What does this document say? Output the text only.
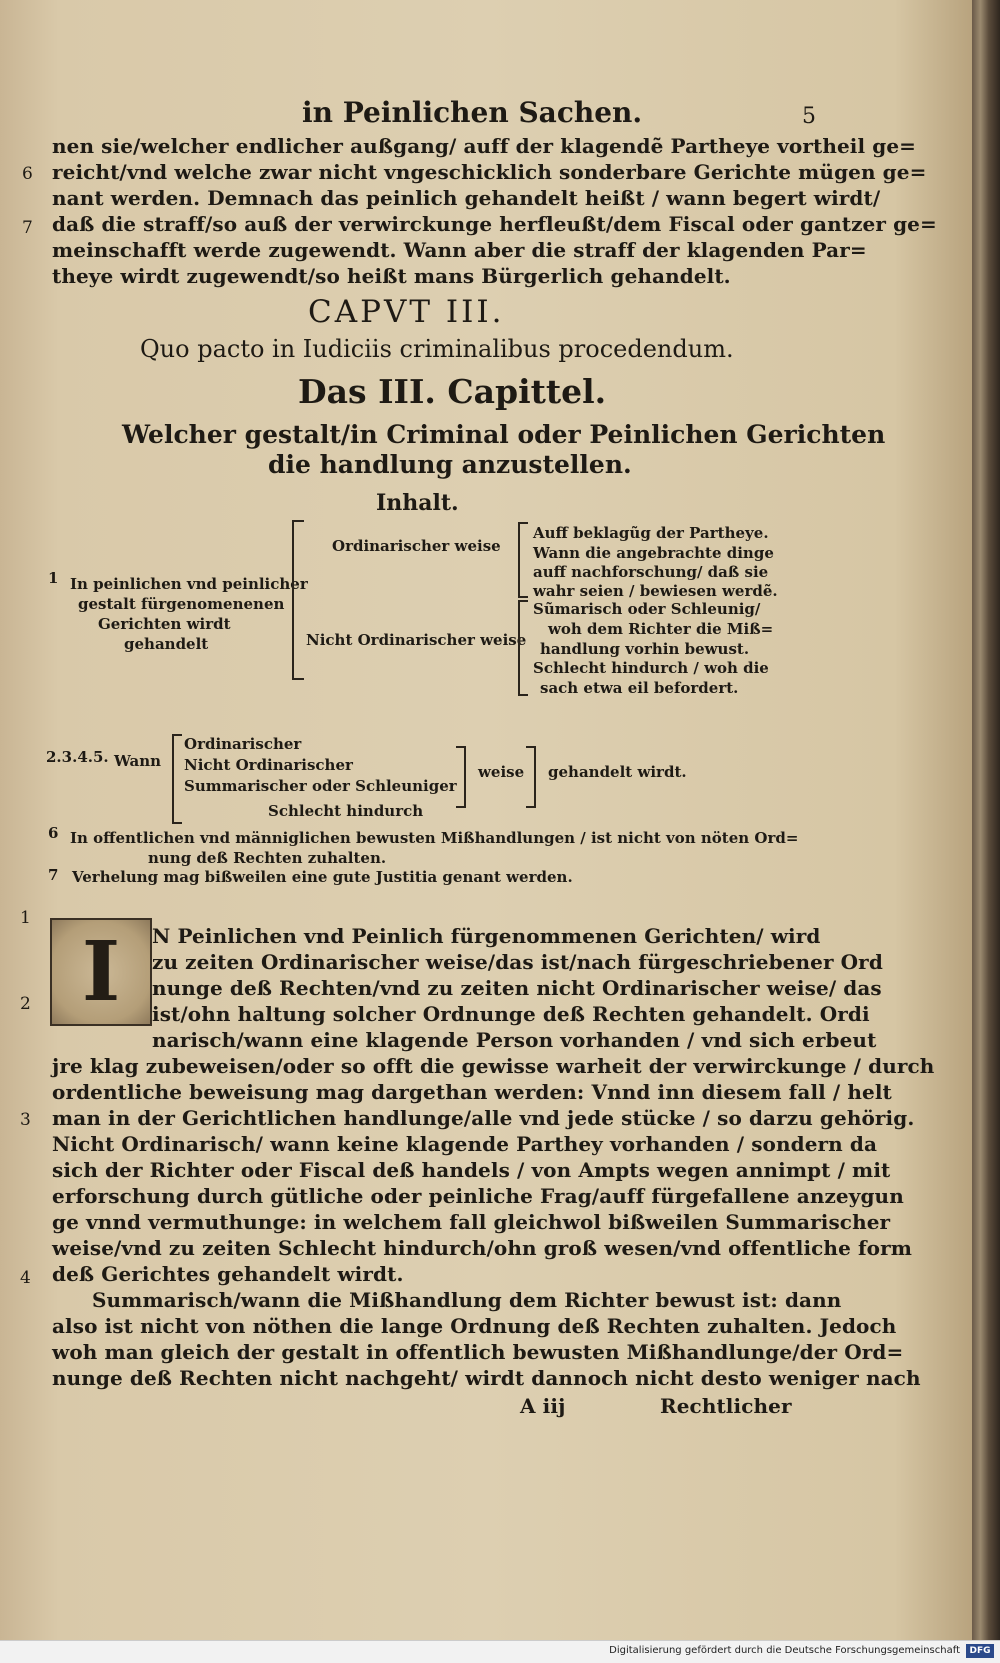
in Peinlichen Sachen.	5
nen sie/welcher endlicher außgang/ auff der klagendẽ Partheye vortheil ge=
reicht/vnd welche zwar nicht vngeschicklich sonderbare Gerichte mügen ge=
nant werden. Demnach das peinlich gehandelt heißt / wann begert wirdt/
daß die straff/so auß der verwirckunge herfleußt/dem Fiscal oder gantzer ge=
meinschafft werde zugewendt. Wann aber die straff der klagenden Par=
theye wirdt zugewendt/so heißt mans Bürgerlich gehandelt.
6
7
CAPVT III.
Quo pacto in Iudiciis criminalibus procedendum.
Das III. Capittel.
Welcher gestalt/in Criminal oder Peinlichen Gerichten
die handlung anzustellen.
Inhalt.
1 In peinlichen vnd peinlicher
gestalt fürgenomenenen
Gerichten wirdt
gehandelt
Ordinarischer weise
Nicht Ordinarischer weise
Auff beklagũg der Partheye.
Wann die angebrachte dinge
auff nachforschung/ daß sie
wahr seien / bewiesen werdẽ.
Sũmarisch oder Schleunig/
woh dem Richter die Miß=
handlung vorhin bewust.
Schlecht hindurch / woh die
sach etwa eil befordert.
2.3.4.5. Wann
Ordinarischer
Nicht Ordinarischer
Summarischer oder Schleuniger
Schlecht hindurch
weise gehandelt wirdt.
6 In offentlichen vnd männiglichen bewusten Mißhandlungen / ist nicht von nöten Ord=
nung deß Rechten zuhalten.
7 Verhelung mag bißweilen eine gute Justitia genant werden.
I	N Peinlichen vnd Peinlich fürgenommenen Gerichten/ wird
zu zeiten Ordinarischer weise/das ist/nach fürgeschriebener Ord
nunge deß Rechten/vnd zu zeiten nicht Ordinarischer weise/ das
ist/ohn haltung solcher Ordnunge deß Rechten gehandelt. Ordi
narisch/wann eine klagende Person vorhanden / vnd sich erbeut
jre klag zubeweisen/oder so offt die gewisse warheit der verwirckunge / durch
ordentliche beweisung mag dargethan werden: Vnnd inn diesem fall / helt
man in der Gerichtlichen handlunge/alle vnd jede stücke / so darzu gehörig.
Nicht Ordinarisch/ wann keine klagende Parthey vorhanden / sondern da
sich der Richter oder Fiscal deß handels / von Ampts wegen annimpt / mit
erforschung durch gütliche oder peinliche Frag/auff fürgefallene anzeygun
ge vnnd vermuthunge: in welchem fall gleichwol bißweilen Summarischer
weise/vnd zu zeiten Schlecht hindurch/ohn groß wesen/vnd offentliche form
deß Gerichtes gehandelt wirdt.
Summarisch/wann die Mißhandlung dem Richter bewust ist: dann
also ist nicht von nöthen die lange Ordnung deß Rechten zuhalten. Jedoch
woh man gleich der gestalt in offentlich bewusten Mißhandlunge/der Ord=
nunge deß Rechten nicht nachgeht/ wirdt dannoch nicht desto weniger nach
1
2
3
4
A iij	Rechtlicher
Digitalisierung gefördert durch die Deutsche Forschungsgemeinschaft	DFG
